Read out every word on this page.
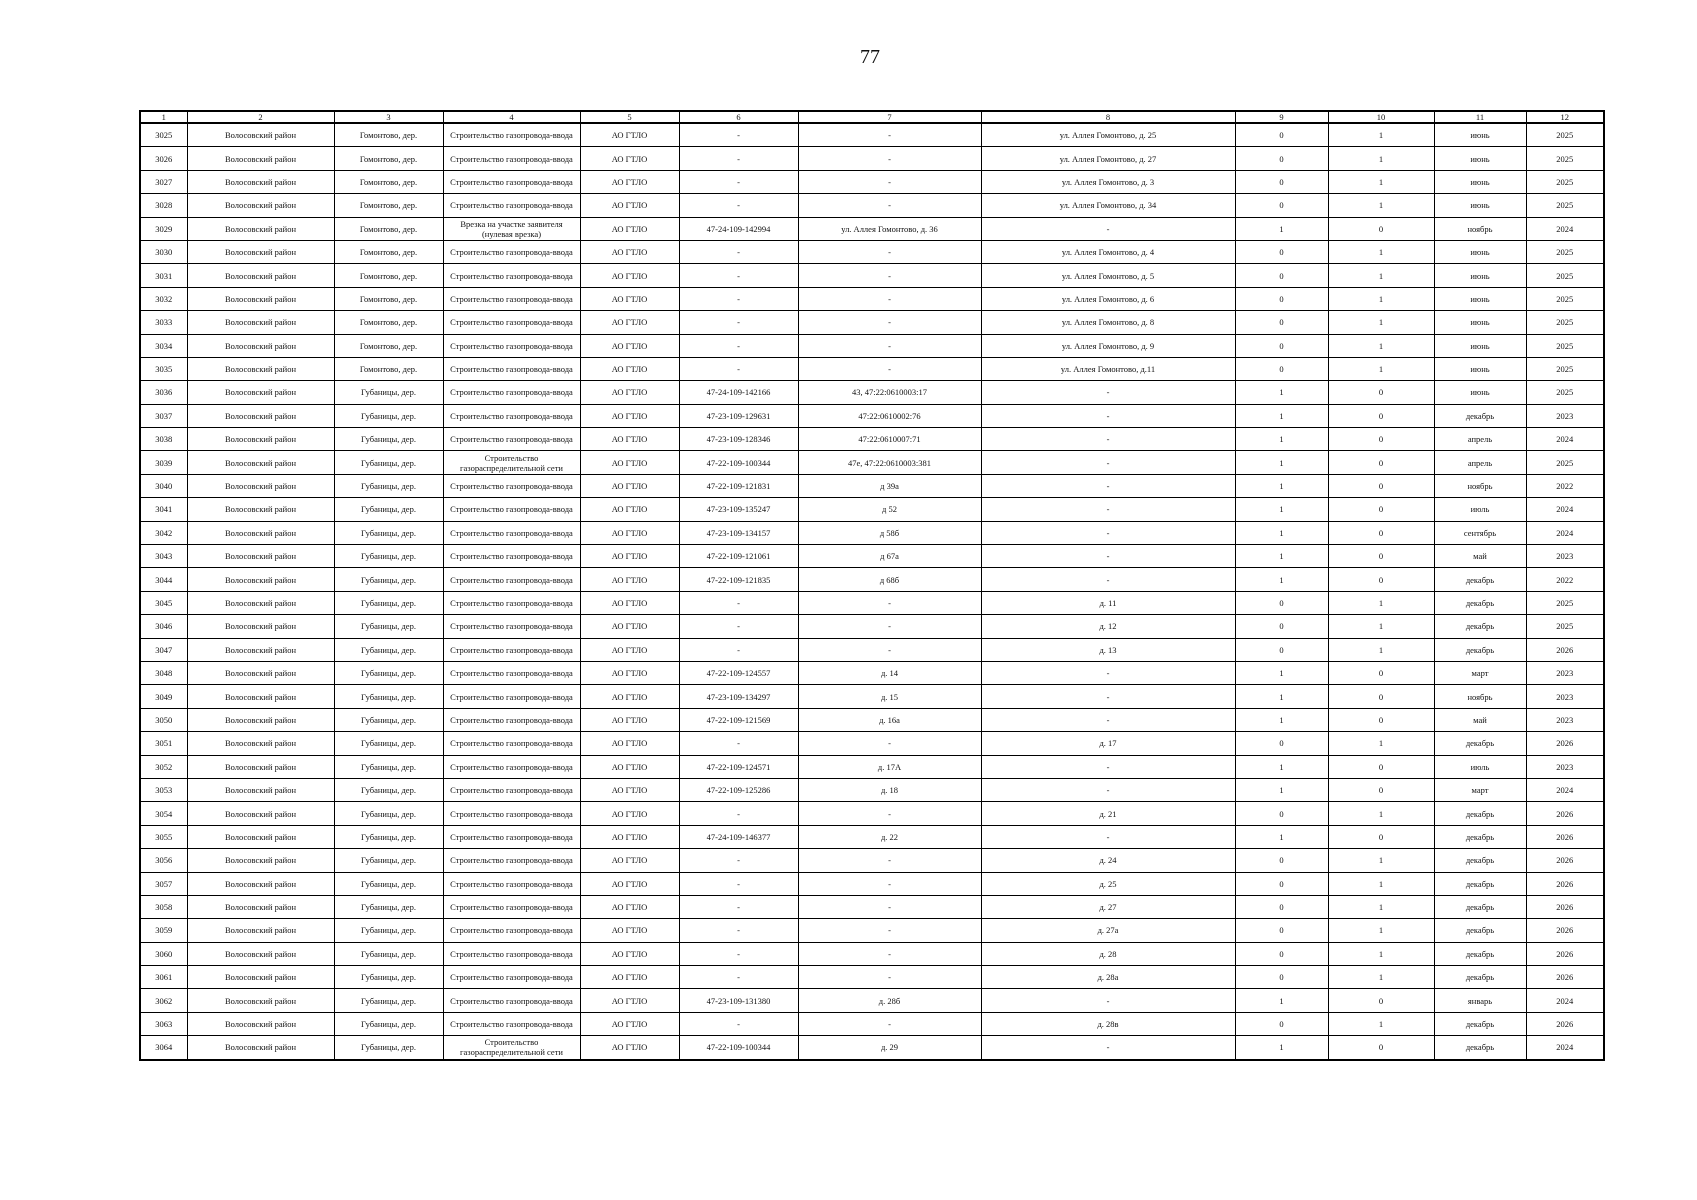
77
1	2	3	4	5	6	7	8	9	10	11	12
3025	Волосовский район	Гомонтово, дер.	Строительство газопровода-ввода	АО ГТЛО	-	-	ул. Аллея Гомонтово, д. 25	0	1	июнь	2025
3026	Волосовский район	Гомонтово, дер.	Строительство газопровода-ввода	АО ГТЛО	-	-	ул. Аллея Гомонтово, д. 27	0	1	июнь	2025
3027	Волосовский район	Гомонтово, дер.	Строительство газопровода-ввода	АО ГТЛО	-	-	ул. Аллея Гомонтово, д. 3	0	1	июнь	2025
3028	Волосовский район	Гомонтово, дер.	Строительство газопровода-ввода	АО ГТЛО	-	-	ул. Аллея Гомонтово, д. 34	0	1	июнь	2025
3029	Волосовский район	Гомонтово, дер.	Врезка на участке заявителя (нулевая врезка)	АО ГТЛО	47-24-109-142994	ул. Аллея Гомонтово, д. 36	-	1	0	ноябрь	2024
3030	Волосовский район	Гомонтово, дер.	Строительство газопровода-ввода	АО ГТЛО	-	-	ул. Аллея Гомонтово, д. 4	0	1	июнь	2025
3031	Волосовский район	Гомонтово, дер.	Строительство газопровода-ввода	АО ГТЛО	-	-	ул. Аллея Гомонтово, д. 5	0	1	июнь	2025
3032	Волосовский район	Гомонтово, дер.	Строительство газопровода-ввода	АО ГТЛО	-	-	ул. Аллея Гомонтово, д. 6	0	1	июнь	2025
3033	Волосовский район	Гомонтово, дер.	Строительство газопровода-ввода	АО ГТЛО	-	-	ул. Аллея Гомонтово, д. 8	0	1	июнь	2025
3034	Волосовский район	Гомонтово, дер.	Строительство газопровода-ввода	АО ГТЛО	-	-	ул. Аллея Гомонтово, д. 9	0	1	июнь	2025
3035	Волосовский район	Гомонтово, дер.	Строительство газопровода-ввода	АО ГТЛО	-	-	ул. Аллея Гомонтово, д.11	0	1	июнь	2025
3036	Волосовский район	Губаницы, дер.	Строительство газопровода-ввода	АО ГТЛО	47-24-109-142166	43, 47:22:0610003:17	-	1	0	июнь	2025
3037	Волосовский район	Губаницы, дер.	Строительство газопровода-ввода	АО ГТЛО	47-23-109-129631	47:22:0610002:76	-	1	0	декабрь	2023
3038	Волосовский район	Губаницы, дер.	Строительство газопровода-ввода	АО ГТЛО	47-23-109-128346	47:22:0610007:71	-	1	0	апрель	2024
3039	Волосовский район	Губаницы, дер.	Строительство газораспределительной сети	АО ГТЛО	47-22-109-100344	47е, 47:22:0610003:381	-	1	0	апрель	2025
3040	Волосовский район	Губаницы, дер.	Строительство газопровода-ввода	АО ГТЛО	47-22-109-121831	д 39а	-	1	0	ноябрь	2022
3041	Волосовский район	Губаницы, дер.	Строительство газопровода-ввода	АО ГТЛО	47-23-109-135247	д 52	-	1	0	июль	2024
3042	Волосовский район	Губаницы, дер.	Строительство газопровода-ввода	АО ГТЛО	47-23-109-134157	д 58б	-	1	0	сентябрь	2024
3043	Волосовский район	Губаницы, дер.	Строительство газопровода-ввода	АО ГТЛО	47-22-109-121061	д 67а	-	1	0	май	2023
3044	Волосовский район	Губаницы, дер.	Строительство газопровода-ввода	АО ГТЛО	47-22-109-121835	д 68б	-	1	0	декабрь	2022
3045	Волосовский район	Губаницы, дер.	Строительство газопровода-ввода	АО ГТЛО	-	-	д. 11	0	1	декабрь	2025
3046	Волосовский район	Губаницы, дер.	Строительство газопровода-ввода	АО ГТЛО	-	-	д. 12	0	1	декабрь	2025
3047	Волосовский район	Губаницы, дер.	Строительство газопровода-ввода	АО ГТЛО	-	-	д. 13	0	1	декабрь	2026
3048	Волосовский район	Губаницы, дер.	Строительство газопровода-ввода	АО ГТЛО	47-22-109-124557	д. 14	-	1	0	март	2023
3049	Волосовский район	Губаницы, дер.	Строительство газопровода-ввода	АО ГТЛО	47-23-109-134297	д. 15	-	1	0	ноябрь	2023
3050	Волосовский район	Губаницы, дер.	Строительство газопровода-ввода	АО ГТЛО	47-22-109-121569	д. 16а	-	1	0	май	2023
3051	Волосовский район	Губаницы, дер.	Строительство газопровода-ввода	АО ГТЛО	-	-	д. 17	0	1	декабрь	2026
3052	Волосовский район	Губаницы, дер.	Строительство газопровода-ввода	АО ГТЛО	47-22-109-124571	д. 17А	-	1	0	июль	2023
3053	Волосовский район	Губаницы, дер.	Строительство газопровода-ввода	АО ГТЛО	47-22-109-125286	д. 18	-	1	0	март	2024
3054	Волосовский район	Губаницы, дер.	Строительство газопровода-ввода	АО ГТЛО	-	-	д. 21	0	1	декабрь	2026
3055	Волосовский район	Губаницы, дер.	Строительство газопровода-ввода	АО ГТЛО	47-24-109-146377	д. 22	-	1	0	декабрь	2026
3056	Волосовский район	Губаницы, дер.	Строительство газопровода-ввода	АО ГТЛО	-	-	д. 24	0	1	декабрь	2026
3057	Волосовский район	Губаницы, дер.	Строительство газопровода-ввода	АО ГТЛО	-	-	д. 25	0	1	декабрь	2026
3058	Волосовский район	Губаницы, дер.	Строительство газопровода-ввода	АО ГТЛО	-	-	д. 27	0	1	декабрь	2026
3059	Волосовский район	Губаницы, дер.	Строительство газопровода-ввода	АО ГТЛО	-	-	д. 27а	0	1	декабрь	2026
3060	Волосовский район	Губаницы, дер.	Строительство газопровода-ввода	АО ГТЛО	-	-	д. 28	0	1	декабрь	2026
3061	Волосовский район	Губаницы, дер.	Строительство газопровода-ввода	АО ГТЛО	-	-	д. 28а	0	1	декабрь	2026
3062	Волосовский район	Губаницы, дер.	Строительство газопровода-ввода	АО ГТЛО	47-23-109-131380	д. 28б	-	1	0	январь	2024
3063	Волосовский район	Губаницы, дер.	Строительство газопровода-ввода	АО ГТЛО	-	-	д. 28в	0	1	декабрь	2026
3064	Волосовский район	Губаницы, дер.	Строительство газораспределительной сети	АО ГТЛО	47-22-109-100344	д. 29	-	1	0	декабрь	2024
